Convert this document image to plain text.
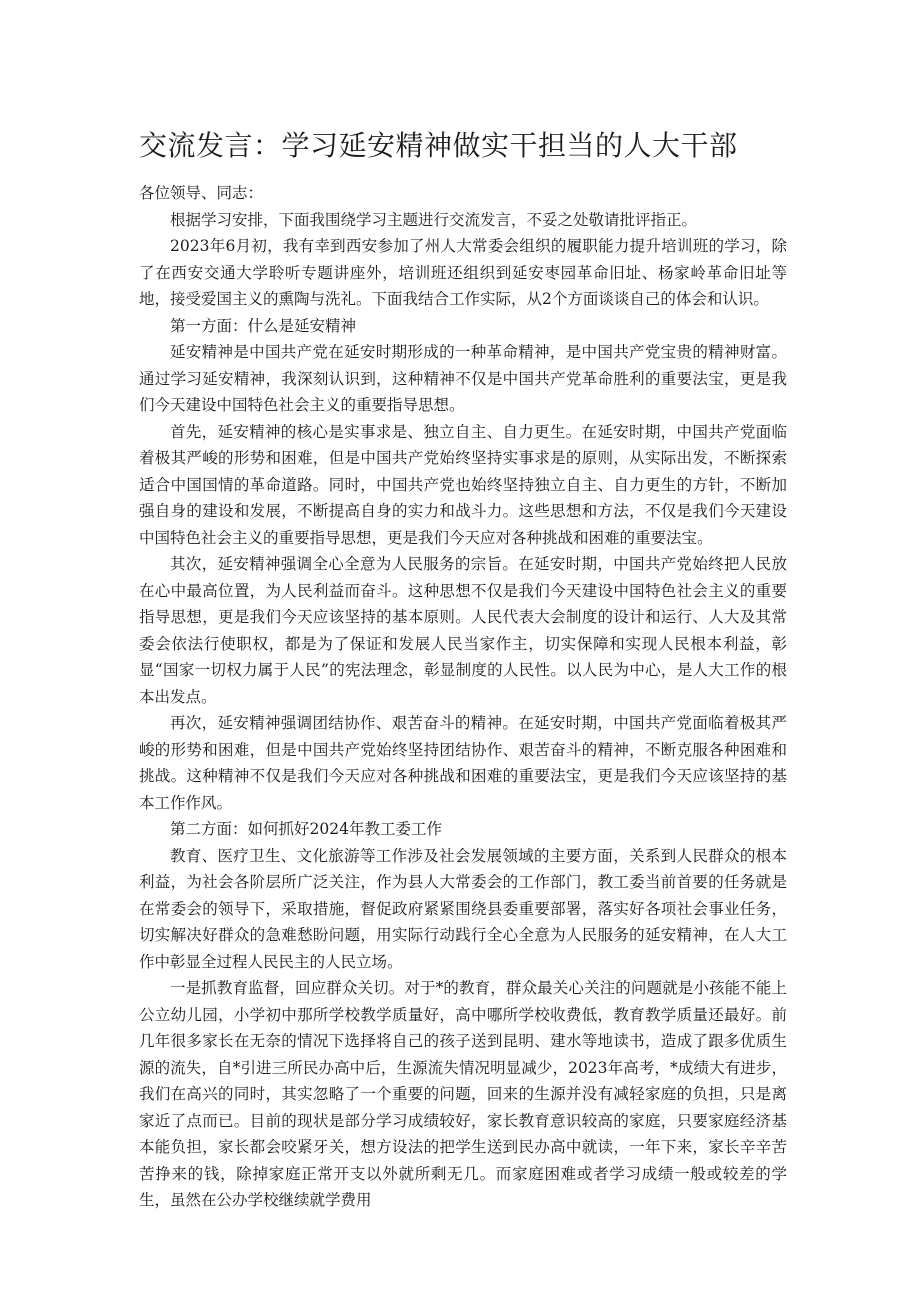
交流发言：学习延安精神做实干担当的人大干部

各位领导、同志：

根据学习安排，下面我围绕学习主题进行交流发言，不妥之处敬请批评指正。

2023年6月初，我有幸到西安参加了州人大常委会组织的履职能力提升培训班的学习，除了在西安交通大学聆听专题讲座外，培训班还组织到延安枣园革命旧址、杨家岭革命旧址等地，接受爱国主义的熏陶与洗礼。下面我结合工作实际，从2个方面谈谈自己的体会和认识。

第一方面：什么是延安精神

延安精神是中国共产党在延安时期形成的一种革命精神，是中国共产党宝贵的精神财富。通过学习延安精神，我深刻认识到，这种精神不仅是中国共产党革命胜利的重要法宝，更是我们今天建设中国特色社会主义的重要指导思想。

首先，延安精神的核心是实事求是、独立自主、自力更生。在延安时期，中国共产党面临着极其严峻的形势和困难，但是中国共产党始终坚持实事求是的原则，从实际出发，不断探索适合中国国情的革命道路。同时，中国共产党也始终坚持独立自主、自力更生的方针，不断加强自身的建设和发展，不断提高自身的实力和战斗力。这些思想和方法，不仅是我们今天建设中国特色社会主义的重要指导思想，更是我们今天应对各种挑战和困难的重要法宝。

其次，延安精神强调全心全意为人民服务的宗旨。在延安时期，中国共产党始终把人民放在心中最高位置，为人民利益而奋斗。这种思想不仅是我们今天建设中国特色社会主义的重要指导思想，更是我们今天应该坚持的基本原则。人民代表大会制度的设计和运行、人大及其常委会依法行使职权，都是为了保证和发展人民当家作主，切实保障和实现人民根本利益，彰显“国家一切权力属于人民”的宪法理念，彰显制度的人民性。以人民为中心，是人大工作的根本出发点。

再次，延安精神强调团结协作、艰苦奋斗的精神。在延安时期，中国共产党面临着极其严峻的形势和困难，但是中国共产党始终坚持团结协作、艰苦奋斗的精神，不断克服各种困难和挑战。这种精神不仅是我们今天应对各种挑战和困难的重要法宝，更是我们今天应该坚持的基本工作作风。

第二方面：如何抓好2024年教工委工作

教育、医疗卫生、文化旅游等工作涉及社会发展领域的主要方面，关系到人民群众的根本利益，为社会各阶层所广泛关注，作为县人大常委会的工作部门，教工委当前首要的任务就是在常委会的领导下，采取措施，督促政府紧紧围绕县委重要部署，落实好各项社会事业任务，切实解决好群众的急难愁盼问题，用实际行动践行全心全意为人民服务的延安精神，在人大工作中彰显全过程人民民主的人民立场。

一是抓教育监督，回应群众关切。对于*的教育，群众最关心关注的问题就是小孩能不能上公立幼儿园，小学初中那所学校教学质量好，高中哪所学校收费低，教育教学质量还最好。前几年很多家长在无奈的情况下选择将自己的孩子送到昆明、建水等地读书，造成了跟多优质生源的流失，自*引进三所民办高中后，生源流失情况明显减少，2023年高考，*成绩大有进步，我们在高兴的同时，其实忽略了一个重要的问题，回来的生源并没有减轻家庭的负担，只是离家近了点而已。目前的现状是部分学习成绩较好，家长教育意识较高的家庭，只要家庭经济基本能负担，家长都会咬紧牙关，想方设法的把学生送到民办高中就读，一年下来，家长辛辛苦苦挣来的钱，除掉家庭正常开支以外就所剩无几。而家庭困难或者学习成绩一般或较差的学生，虽然在公办学校继续就学费用
